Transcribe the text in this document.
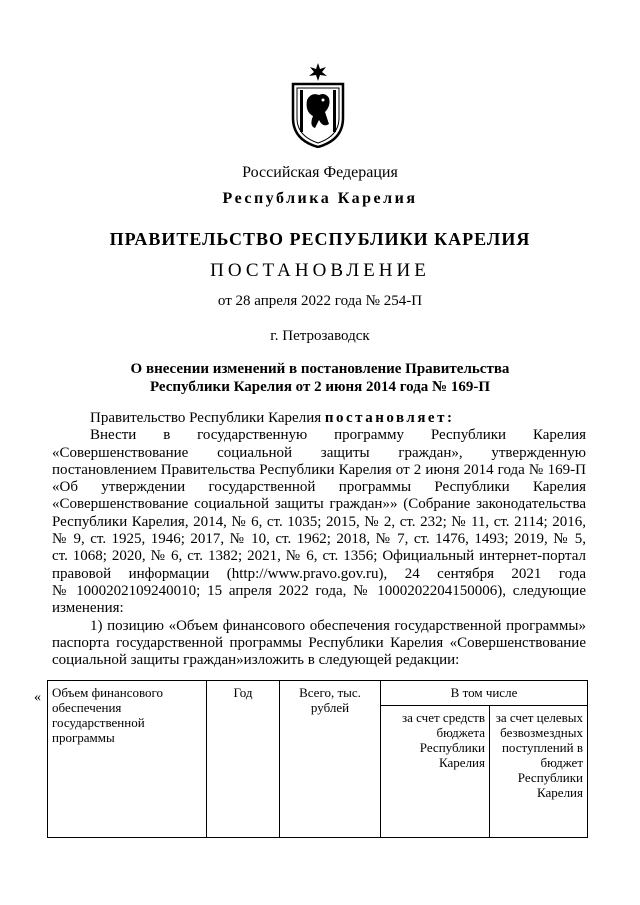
Российская Федерация
Республика Карелия
ПРАВИТЕЛЬСТВО РЕСПУБЛИКИ КАРЕЛИЯ
ПОСТАНОВЛЕНИЕ
от 28 апреля 2022 года № 254-П
г. Петрозаводск
О внесении изменений в постановление Правительства
Республики Карелия от 2 июня 2014 года № 169-П
Правительство Республики Карелия постановляет:
Внести в государственную программу Республики Карелия
«Совершенствование социальной защиты граждан», утвержденную
постановлением Правительства Республики Карелия от 2 июня 2014 года № 169-П
«Об утверждении государственной программы Республики Карелия
«Совершенствование социальной защиты граждан»» (Собрание законодательства
Республики Карелия, 2014, № 6, ст. 1035; 2015, № 2, ст. 232; № 11, ст. 2114; 2016,
№ 9, ст. 1925, 1946; 2017, № 10, ст. 1962; 2018, № 7, ст. 1476, 1493; 2019, № 5,
ст. 1068; 2020, № 6, ст. 1382; 2021, № 6, ст. 1356; Официальный интернет-портал
правовой информации (http://www.pravo.gov.ru), 24 сентября 2021 года
№ 1000202109240010; 15 апреля 2022 года, № 1000202204150006), следующие
изменения:
1) позицию «Объем финансового обеспечения государственной программы»
паспорта государственной программы Республики Карелия «Совершенствование
социальной защиты граждан»изложить в следующей редакции:
« Объем финансового обеспечения государственной программы	Год	Всего, тыс. рублей	В том числе	
			за счет средств бюджета Республики Карелия	за счет целевых безвозмездных поступлений в бюджет Республики Карелия
